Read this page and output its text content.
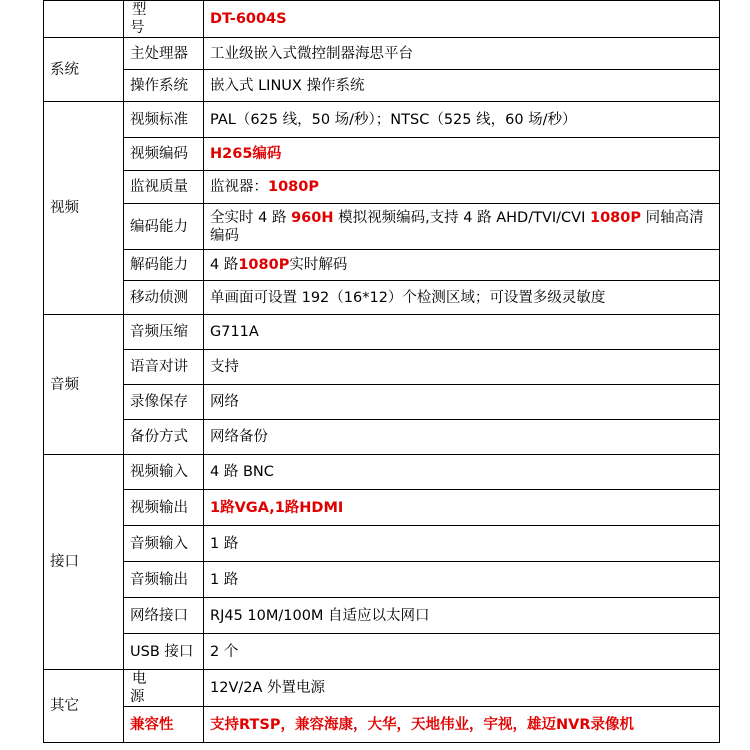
	型 号	DT-6004S
系统	主处理器	工业级嵌入式微控制器海思平台
	操作系统	嵌入式 LINUX 操作系统
视频	视频标准	PAL（625 线，50 场/秒）；NTSC（525 线，60 场/秒）
	视频编码	H265编码
	监视质量	监视器：1080P
	编码能力	全实时 4 路 960H 模拟视频编码,支持 4 路 AHD/TVI/CVI 1080P 同轴高清编码
	解码能力	4 路1080P实时解码
	移动侦测	单画面可设置 192（16*12）个检测区域；可设置多级灵敏度
音频	音频压缩	G711A
	语音对讲	支持
	录像保存	网络
	备份方式	网络备份
接口	视频输入	4 路 BNC
	视频输出	1路VGA,1路HDMI
	音频输入	1 路
	音频输出	1 路
	网络接口	RJ45 10M/100M 自适应以太网口
	USB 接口	2 个
其它	电 源	12V/2A 外置电源
	兼容性	支持RTSP，兼容海康，大华，天地伟业，宇视，雄迈NVR录像机
